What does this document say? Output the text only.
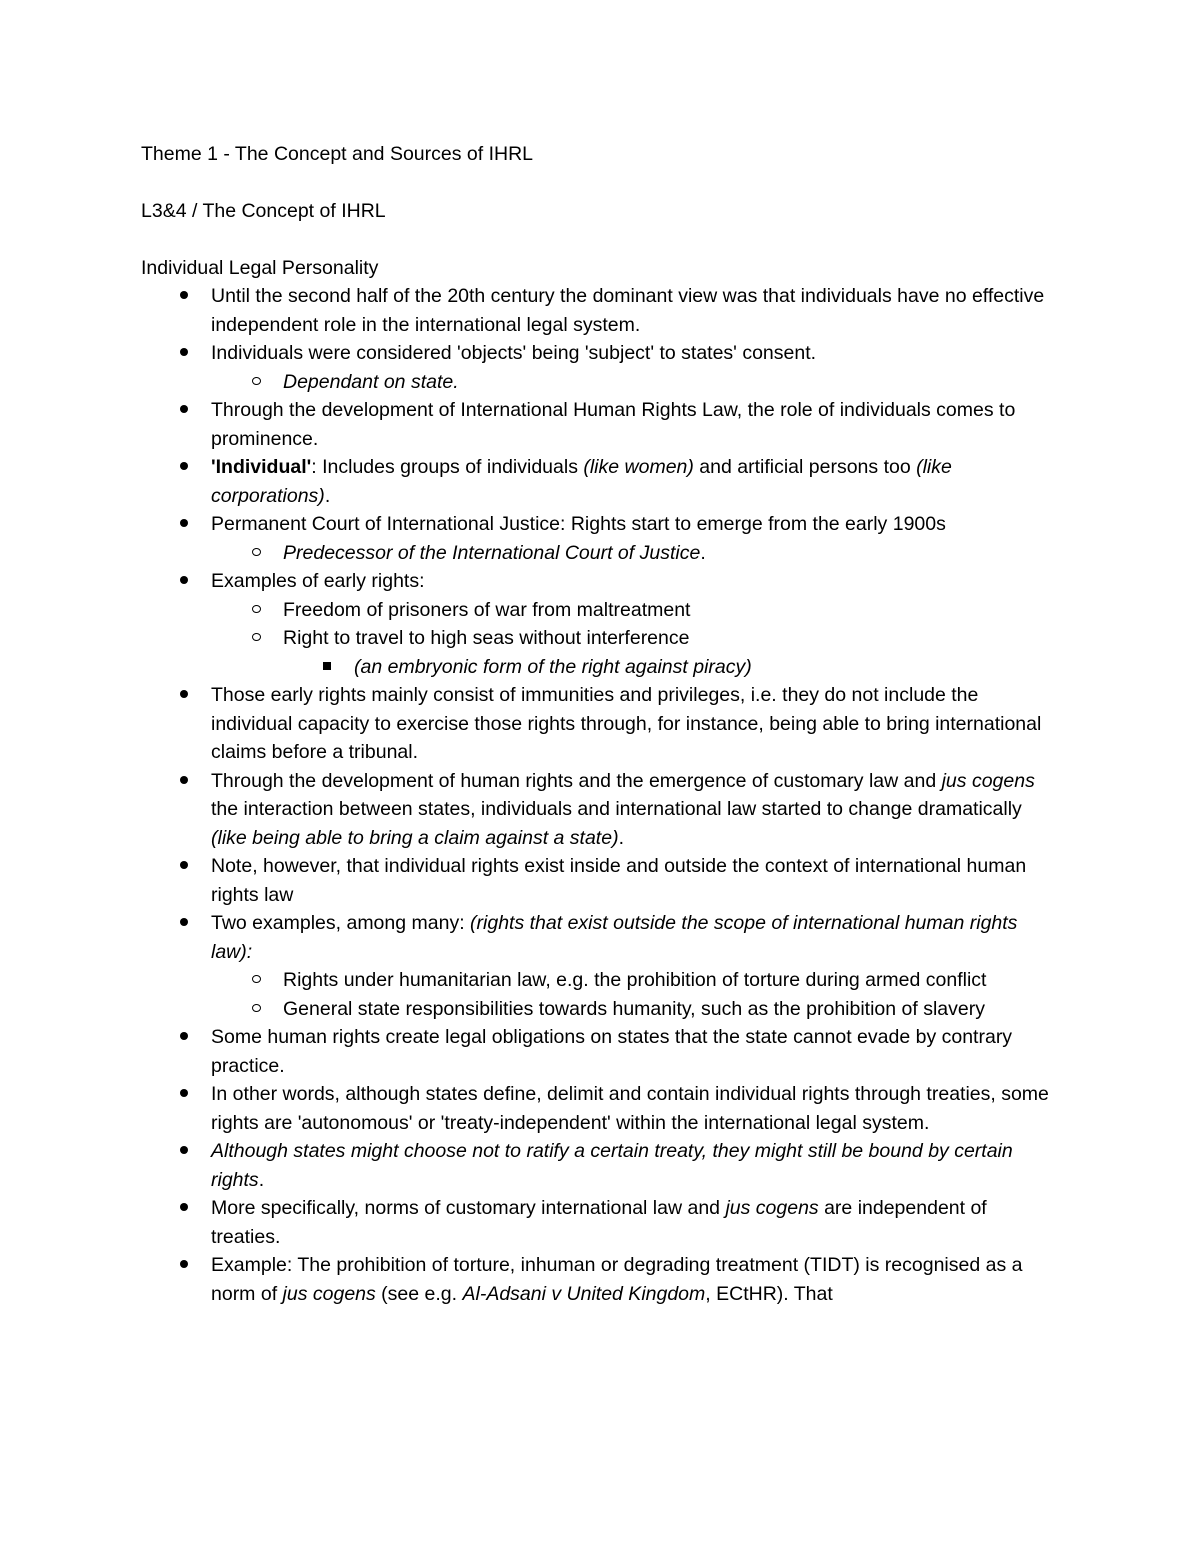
Theme 1 - The Concept and Sources of IHRL

L3&4 / The Concept of IHRL

Individual Legal Personality

Until the second half of the 20th century the dominant view was that individuals have no effective independent role in the international legal system.
Individuals were considered 'objects' being 'subject' to states' consent.
Dependant on state.
Through the development of International Human Rights Law, the role of individuals comes to prominence.
'Individual': Includes groups of individuals (like women) and artificial persons too (like corporations).
Permanent Court of International Justice: Rights start to emerge from the early 1900s
Predecessor of the International Court of Justice.
Examples of early rights:
Freedom of prisoners of war from maltreatment
Right to travel to high seas without interference
(an embryonic form of the right against piracy)
Those early rights mainly consist of immunities and privileges, i.e. they do not include the individual capacity to exercise those rights through, for instance, being able to bring international claims before a tribunal.
Through the development of human rights and the emergence of customary law and jus cogens the interaction between states, individuals and international law started to change dramatically (like being able to bring a claim against a state).
Note, however, that individual rights exist inside and outside the context of international human rights law
Two examples, among many: (rights that exist outside the scope of international human rights law):
Rights under humanitarian law, e.g. the prohibition of torture during armed conflict
General state responsibilities towards humanity, such as the prohibition of slavery
Some human rights create legal obligations on states that the state cannot evade by contrary practice.
In other words, although states define, delimit and contain individual rights through treaties, some rights are 'autonomous' or 'treaty-independent' within the international legal system.
Although states might choose not to ratify a certain treaty, they might still be bound by certain rights.
More specifically, norms of customary international law and jus cogens are independent of treaties.
Example: The prohibition of torture, inhuman or degrading treatment (TIDT) is recognised as a norm of jus cogens (see e.g. Al-Adsani v United Kingdom, ECtHR). That
